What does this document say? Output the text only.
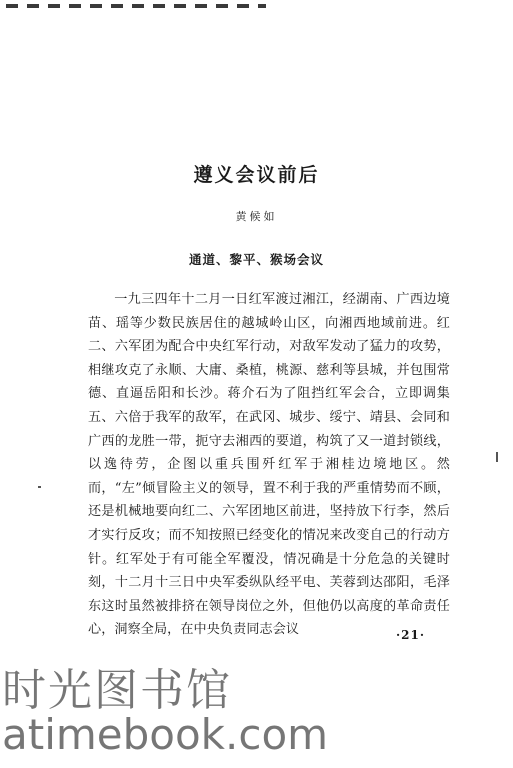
遵义会议前后
黄候如
通道、黎平、猴场会议

一九三四年十二月一日红军渡过湘江，经湖南、广西边境苗、瑶等少数民族居住的越城岭山区，向湘西地域前进。红二、六军团为配合中央红军行动，对敌军发动了猛力的攻势，相继攻克了永顺、大庸、桑植，桃源、慈利等县城，并包围常德、直逼岳阳和长沙。蒋介石为了阻挡红军会合，立即调集五、六倍于我军的敌军，在武冈、城步、绥宁、靖县、会同和广西的龙胜一带，扼守去湘西的要道，构筑了又一道封锁线，以逸待劳，企图以重兵围歼红军于湘桂边境地区。然而，“左”倾冒险主义的领导，置不利于我的严重情势而不顾，还是机械地要向红二、六军团地区前进，坚持放下行李，然后才实行反攻；而不知按照已经变化的情况来改变自己的行动方针。红军处于有可能全军覆没，情况确是十分危急的关键时刻，十二月十三日中央军委纵队经平电、芙蓉到达邵阳，毛泽东这时虽然被排挤在领导岗位之外，但他仍以高度的革命责任心，洞察全局，在中央负责同志会议	·21·
时光图书馆
atimebook.com
